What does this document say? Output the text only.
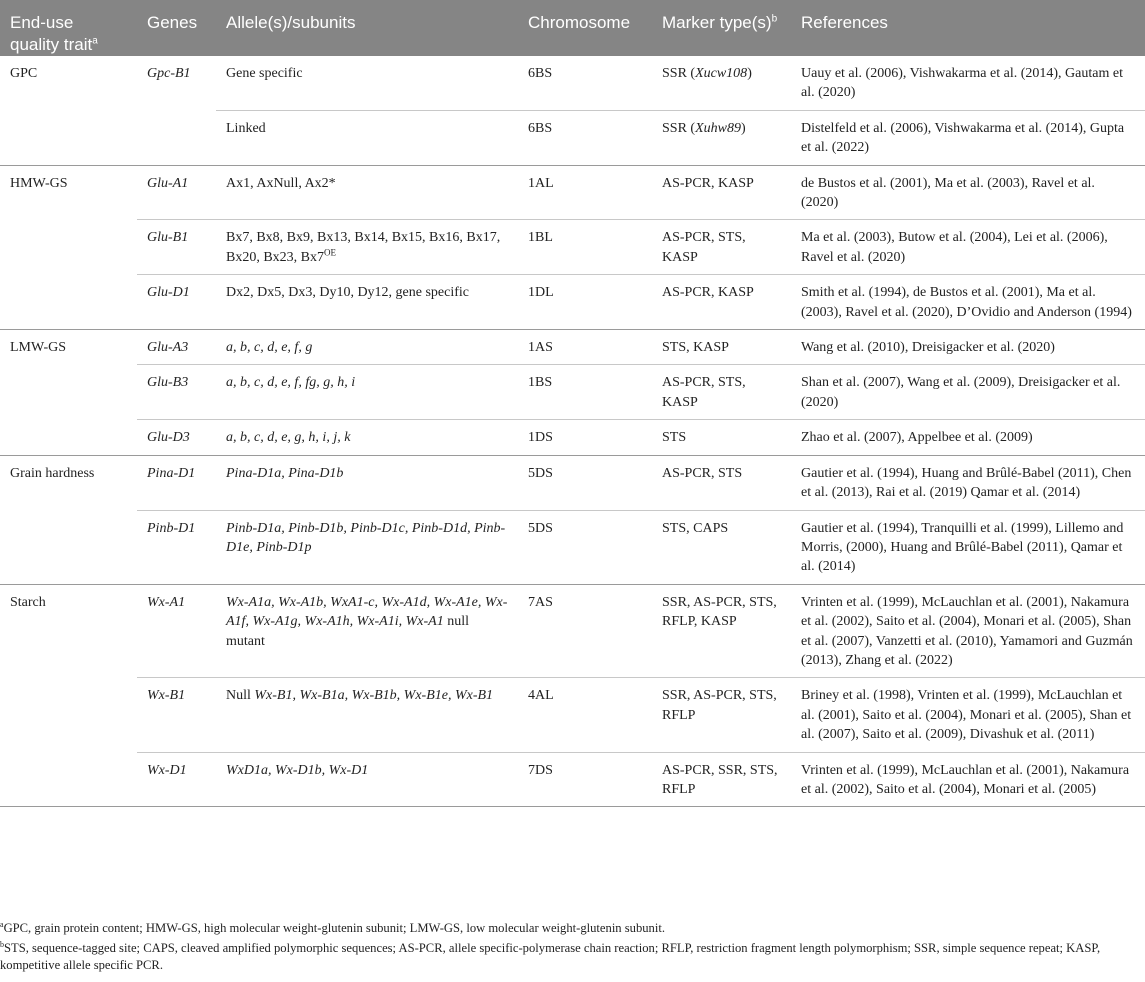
End-use quality trait$^a$	Genes	Allele(s)/subunits	Chromosome	Marker $type(s)^b$	References
GPC	Gpc-B1	Gene specific	6BS	SSR (Xucw108)	Uauy et al. (2006), Vishwakarma et al. (2014), Gautam et al. (2020)
		Linked	6BS	SSR (Xuhw89)	Distelfeld et al. (2006), Vishwakarma et al. (2014), Gupta et al. (2022)
HMW-GS	Glu-A1	Ax1, AxNull, Ax2*	1AL	AS-PCR, KASP	de Bustos et al. (2001), Ma et al. (2003), Ravel et al. (2020)
	Glu-B1	Bx7, Bx8, Bx9, Bx13, Bx14, Bx15, Bx16, Bx17, Bx20, Bx23, $Bx7^{OE}$	1BL	AS-PCR, STS, KASP	Ma et al. (2003), Butow et al. (2004), Lei et al. (2006), Ravel et al. (2020)
	Glu-D1	Dx2, Dx5, Dx3, Dy10, Dy12, gene specific	1DL	AS-PCR, KASP	Smith et al. (1994), de Bustos et al. (2001), Ma et al. (2003), Ravel et al. (2020), D’Ovidio and Anderson (1994)
LMW-GS	Glu-A3	a, b, c, d, e, f, g	1AS	STS, KASP	Wang et al. (2010), Dreisigacker et al. (2020)
	Glu-B3	a, b, c, d, e, f, fg, g, h, i	1BS	AS-PCR, STS, KASP	Shan et al. (2007), Wang et al. (2009), Dreisigacker et al. (2020)
	Glu-D3	a, b, c, d, e, g, h, i, j, k	1DS	STS	Zhao et al. (2007), Appelbee et al. (2009)
Grain hardness	Pina-D1	Pina-D1a, Pina-D1b	5DS	AS-PCR, STS	Gautier et al. (1994), Huang and Brûlé-Babel (2011), Chen et al. (2013), Rai et al. (2019) Qamar et al. (2014)
	Pinb-D1	Pinb-D1a, Pinb-D1b, Pinb-D1c, Pinb-D1d, Pinb-D1e, Pinb-D1p	5DS	STS, CAPS	Gautier et al. (1994), Tranquilli et al. (1999), Lillemo and Morris, (2000), Huang and Brûlé-Babel (2011), Qamar et al. (2014)
Starch	Wx-A1	Wx-A1a, Wx-A1b, WxA1-c, Wx-A1d, Wx-A1e, Wx-A1f, Wx-A1g, Wx-A1h, Wx-A1i, Wx-A1 null mutant	7AS	SSR, AS-PCR, STS, RFLP, KASP	Vrinten et al. (1999), McLauchlan et al. (2001), Nakamura et al. (2002), Saito et al. (2004), Monari et al. (2005), Shan et al. (2007), Vanzetti et al. (2010), Yamamori and Guzmán (2013), Zhang et al. (2022)
	Wx-B1	Null Wx-B1, Wx-B1a, Wx-B1b, Wx-B1e, Wx-B1	4AL	SSR, AS-PCR, STS, RFLP	Briney et al. (1998), Vrinten et al. (1999), McLauchlan et al. (2001), Saito et al. (2004), Monari et al. (2005), Shan et al. (2007), Saito et al. (2009), Divashuk et al. (2011)
	Wx-D1	WxD1a, Wx-D1b, Wx-D1	7DS	AS-PCR, SSR, STS, RFLP	Vrinten et al. (1999), McLauchlan et al. (2001), Nakamura et al. (2002), Saito et al. (2004), Monari et al. (2005)

$^a$GPC, grain protein content; HMW-GS, high molecular weight-glutenin subunit; LMW-GS, low molecular weight-glutenin subunit.

$^b$STS, sequence-tagged site; CAPS, cleaved amplified polymorphic sequences; AS-PCR, allele specific-polymerase chain reaction; RFLP, restriction fragment length polymorphism; SSR, simple sequence repeat; KASP, kompetitive allele specific PCR.
